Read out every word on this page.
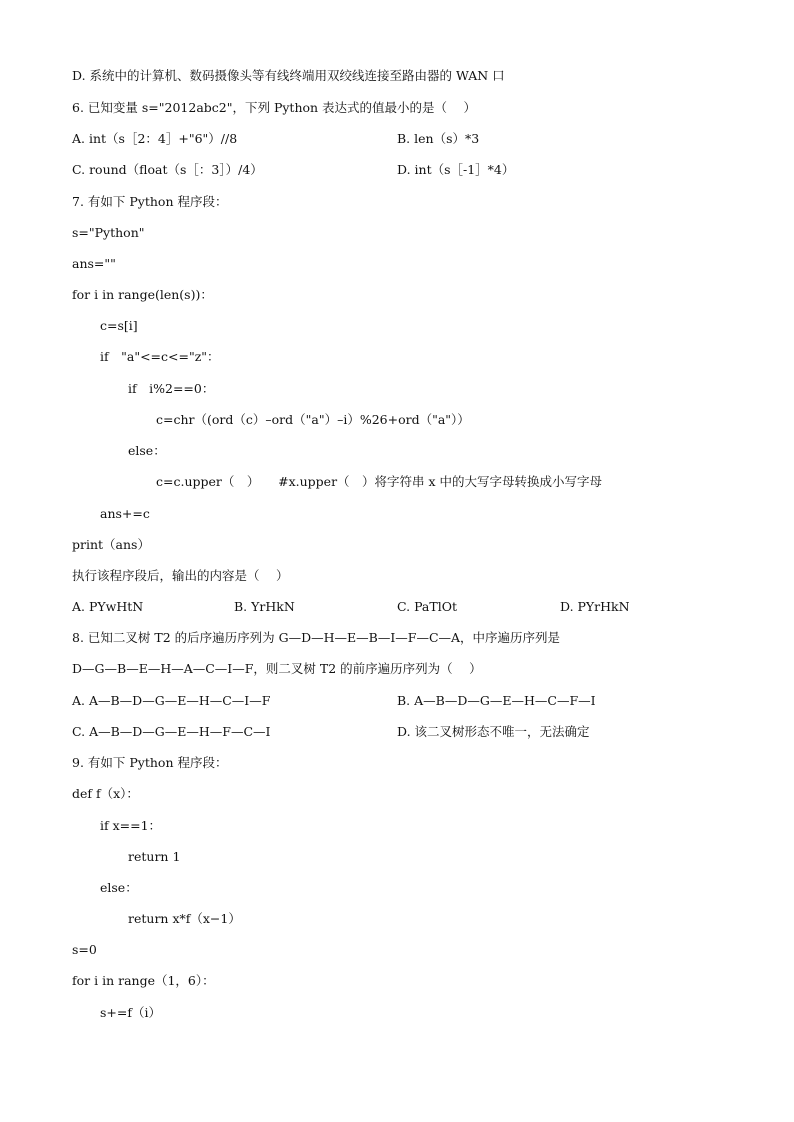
D. 系统中的计算机、数码摄像头等有线终端用双绞线连接至路由器的 WAN 口
6. 已知变量 s="2012abc2"，下列 Python 表达式的值最小的是（　 ）
A. int（s［2：4］+"6"）//8	B. len（s）*3
C. round（float（s［：3］）/4）	D. int（s［-1］*4）
7. 有如下 Python 程序段：
s="Python"
ans=""
for i in range(len(s))：
c=s[i]
if　"a"<=c<="z"：
if　i%2==0：
c=chr（(ord（c）–ord（"a"）–i）%26+ord（"a"））
else：
c=c.upper（　）　　#x.upper（　）将字符串 x 中的大写字母转换成小写字母
ans+=c
print（ans）
执行该程序段后，输出的内容是（　 ）
A. PYwHtN	B. YrHkN	C. PaTlOt	D. PYrHkN
8. 已知二叉树 T2 的后序遍历序列为 G—D—H—E—B—I—F—C—A，中序遍历序列是
D—G—B—E—H—A—C—I—F，则二叉树 T2 的前序遍历序列为（　 ）
A. A—B—D—G—E—H—C—I—F	B. A—B—D—G—E—H—C—F—I
C. A—B—D—G—E—H—F—C—I	D. 该二叉树形态不唯一，无法确定
9. 有如下 Python 程序段：
def f（x）：
if x==1：
return 1
else：
return x*f（x−1）
s=0
for i in range（1，6）：
s+=f（i）
